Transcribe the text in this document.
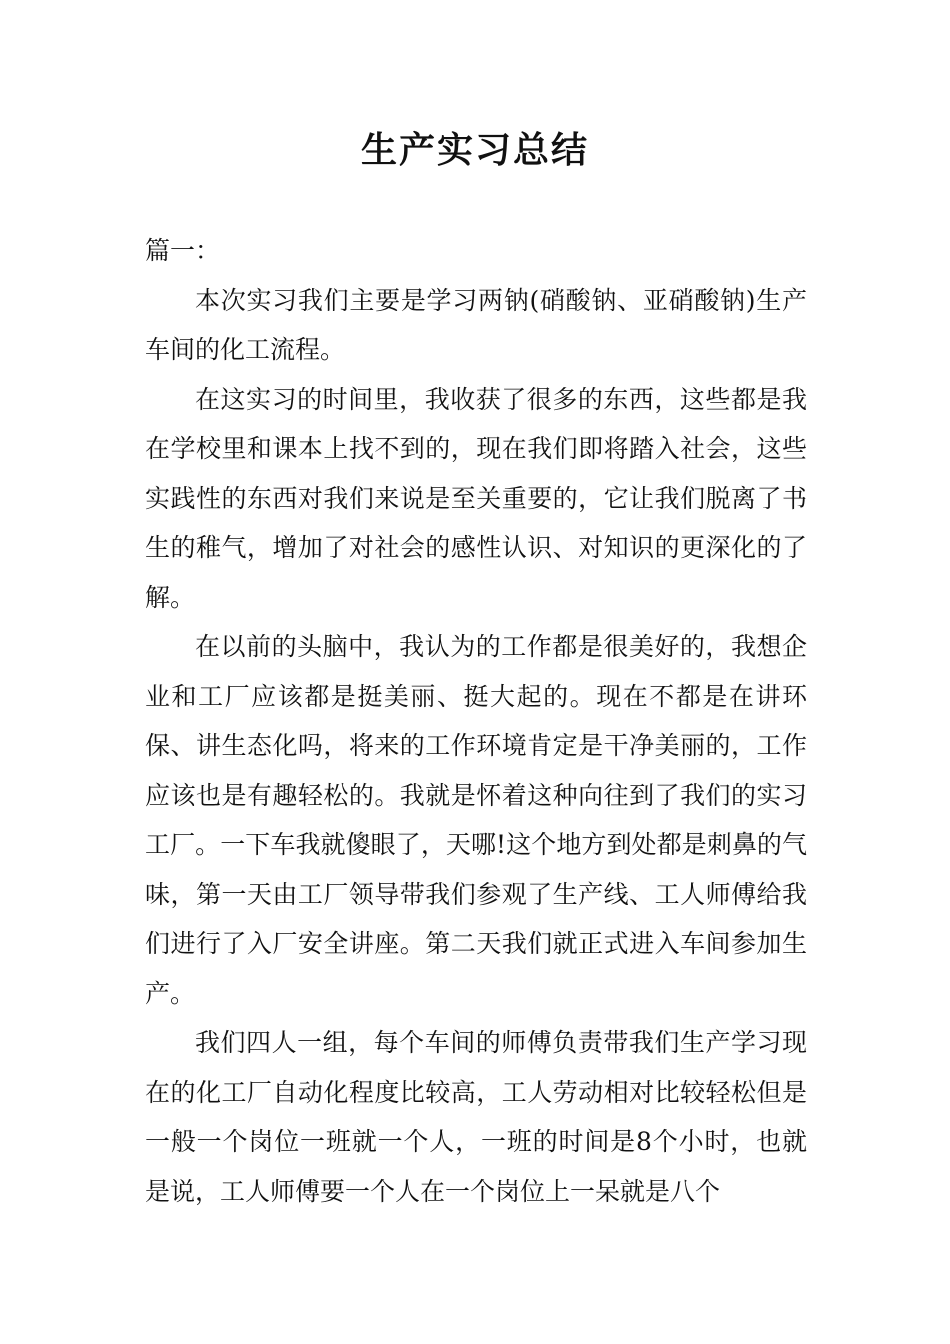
生产实习总结

篇一：

本次实习我们主要是学习两钠(硝酸钠、亚硝酸钠)生产车间的化工流程。

在这实习的时间里，我收获了很多的东西，这些都是我在学校里和课本上找不到的，现在我们即将踏入社会，这些实践性的东西对我们来说是至关重要的，它让我们脱离了书生的稚气，增加了对社会的感性认识、对知识的更深化的了解。

在以前的头脑中，我认为的工作都是很美好的，我想企业和工厂应该都是挺美丽、挺大起的。现在不都是在讲环保、讲生态化吗，将来的工作环境肯定是干净美丽的，工作应该也是有趣轻松的。我就是怀着这种向往到了我们的实习工厂。一下车我就傻眼了，天哪!这个地方到处都是刺鼻的气味，第一天由工厂领导带我们参观了生产线、工人师傅给我们进行了入厂安全讲座。第二天我们就正式进入车间参加生产。

我们四人一组，每个车间的师傅负责带我们生产学习现在的化工厂自动化程度比较高，工人劳动相对比较轻松但是一般一个岗位一班就一个人，一班的时间是8个小时，也就是说，工人师傅要一个人在一个岗位上一呆就是八个
